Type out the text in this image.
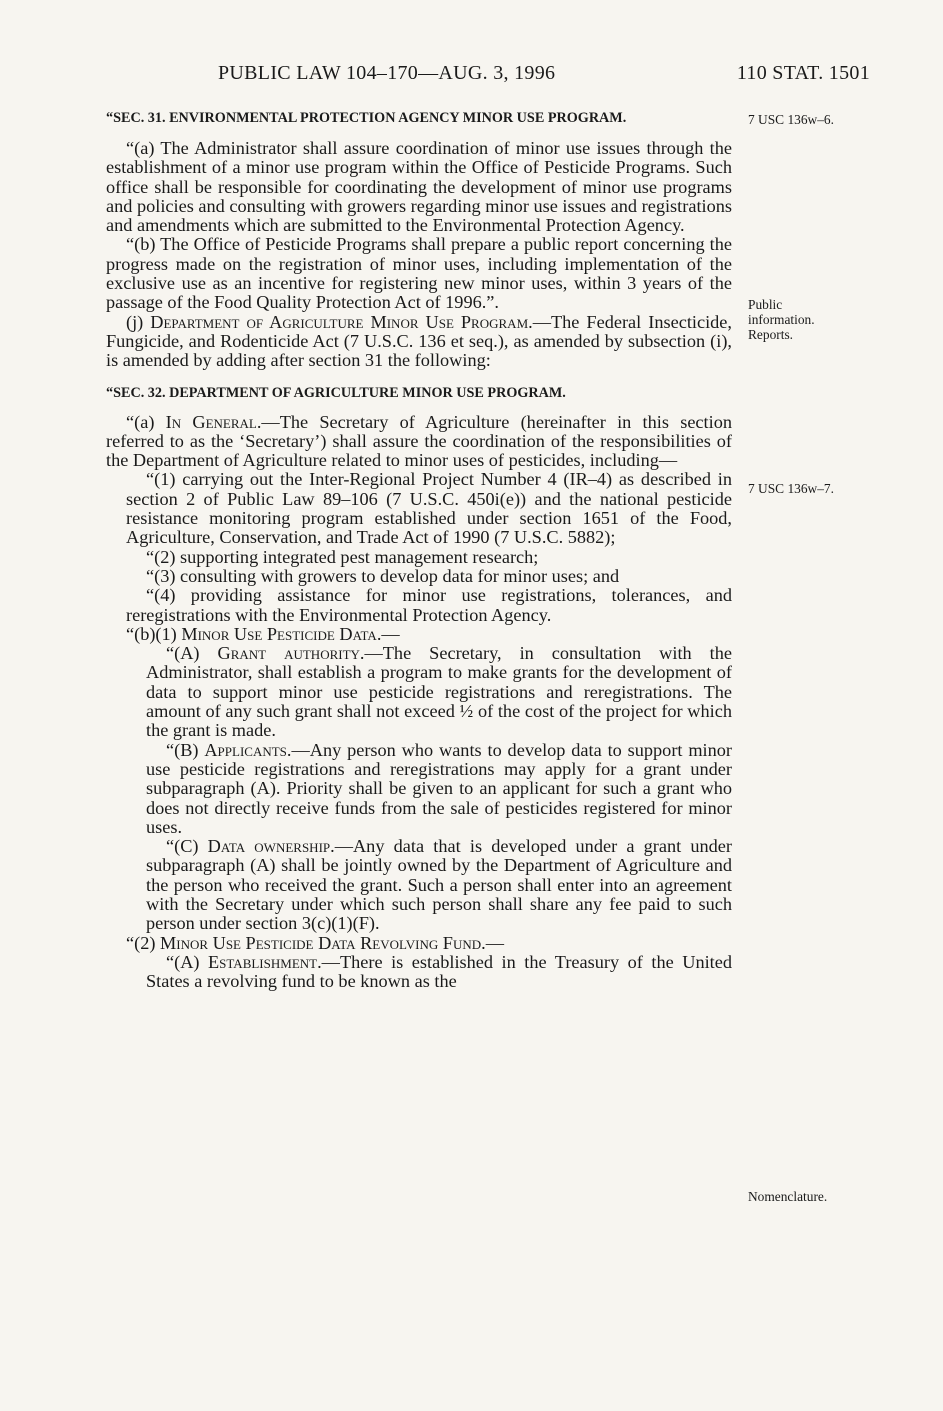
PUBLIC LAW 104–170—AUG. 3, 1996	110 STAT. 1501

“SEC. 31. ENVIRONMENTAL PROTECTION AGENCY MINOR USE PROGRAM.

“(a) The Administrator shall assure coordination of minor use issues through the establishment of a minor use program within the Office of Pesticide Programs. Such office shall be responsible for coordinating the development of minor use programs and policies and consulting with growers regarding minor use issues and registrations and amendments which are submitted to the Environmental Protection Agency.

“(b) The Office of Pesticide Programs shall prepare a public report concerning the progress made on the registration of minor uses, including implementation of the exclusive use as an incentive for registering new minor uses, within 3 years of the passage of the Food Quality Protection Act of 1996.”.

(j) Department of Agriculture Minor Use Program.—The Federal Insecticide, Fungicide, and Rodenticide Act (7 U.S.C. 136 et seq.), as amended by subsection (i), is amended by adding after section 31 the following:

“SEC. 32. DEPARTMENT OF AGRICULTURE MINOR USE PROGRAM.

“(a) In General.—The Secretary of Agriculture (hereinafter in this section referred to as the ‘Secretary’) shall assure the coordination of the responsibilities of the Department of Agriculture related to minor uses of pesticides, including—

“(1) carrying out the Inter-Regional Project Number 4 (IR–4) as described in section 2 of Public Law 89–106 (7 U.S.C. 450i(e)) and the national pesticide resistance monitoring program established under section 1651 of the Food, Agriculture, Conservation, and Trade Act of 1990 (7 U.S.C. 5882);

“(2) supporting integrated pest management research;

“(3) consulting with growers to develop data for minor uses; and

“(4) providing assistance for minor use registrations, tolerances, and reregistrations with the Environmental Protection Agency.

“(b)(1) Minor Use Pesticide Data.—

“(A) Grant authority.—The Secretary, in consultation with the Administrator, shall establish a program to make grants for the development of data to support minor use pesticide registrations and reregistrations. The amount of any such grant shall not exceed ½ of the cost of the project for which the grant is made.

“(B) Applicants.—Any person who wants to develop data to support minor use pesticide registrations and reregistrations may apply for a grant under subparagraph (A). Priority shall be given to an applicant for such a grant who does not directly receive funds from the sale of pesticides registered for minor uses.

“(C) Data ownership.—Any data that is developed under a grant under subparagraph (A) shall be jointly owned by the Department of Agriculture and the person who received the grant. Such a person shall enter into an agreement with the Secretary under which such person shall share any fee paid to such person under section 3(c)(1)(F).

“(2) Minor Use Pesticide Data Revolving Fund.—

“(A) Establishment.—There is established in the Treasury of the United States a revolving fund to be known as the

7 USC 136w–6.
Public
information.
Reports.
7 USC 136w–7.
Nomenclature.
